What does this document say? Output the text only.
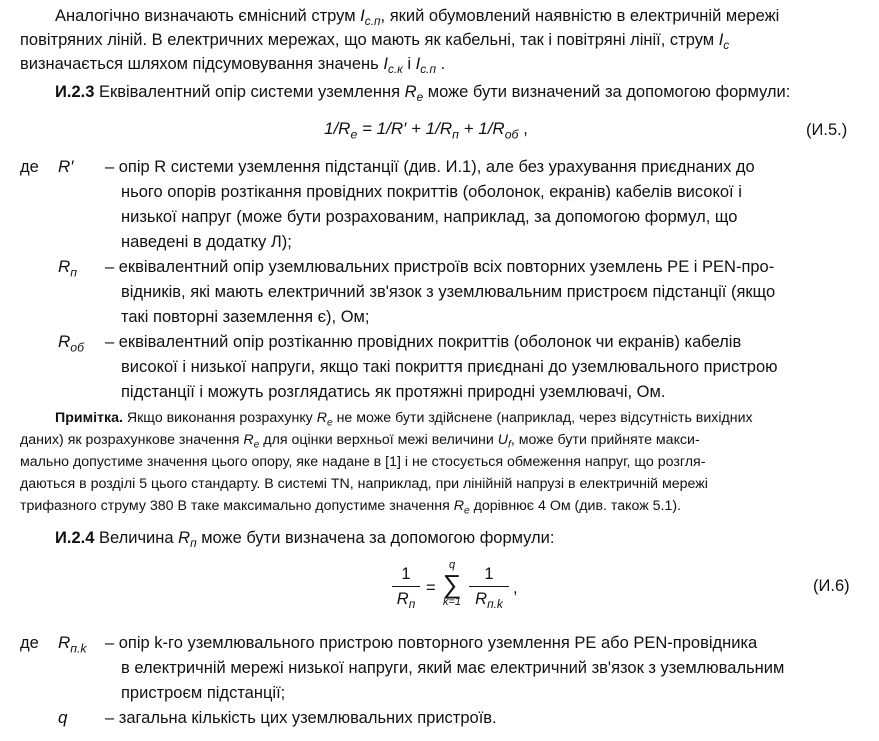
Аналогічно визначають ємнісний струм $I_{с.п}$, який обумовлений наявністю в електричній мережі
повітряних ліній. В електричних мережах, що мають як кабельні, так і повітряні лінії, струм $I_c$
визначається шляхом підсумовування значень $I_{с.к}$ і $I_{с.п}$ .
И.2.3 Еквівалентний опір системи уземлення $R_e$ може бути визначений за допомогою формули:
$1/R_e = 1/R' + 1/R_п + 1/R_{об}$ ,	(И.5.)
де R′ – опір R системи уземлення підстанції (див. И.1), але без урахування приєднаних до
нього опорів розтікання провідних покриттів (оболонок, екранів) кабелів високої і
низької напруг (може бути розрахованим, наприклад, за допомогою формул, що
наведені в додатку Л);
$R_п$ – еквівалентний опір уземлювальних пристроїв всіх повторних уземлень PE і PEN-про-
відників, які мають електричний зв'язок з уземлювальним пристроєм підстанції (якщо
такі повторні заземлення є), Ом;
$R_{об}$ – еквівалентний опір розтіканню провідних покриттів (оболонок чи екранів) кабелів
високої і низької напруги, якщо такі покриття приєднані до уземлювального пристрою
підстанції і можуть розглядатись як протяжні природні уземлювачі, Ом.
Примітка. Якщо виконання розрахунку $R_e$ не може бути здійснене (наприклад, через відсутність вихідних
даних) як розрахункове значення $R_e$ для оцінки верхньої межі величини $U_f$, може бути прийняте макси-
мально допустиме значення цього опору, яке надане в [1] і не стосується обмеження напруг, що розгля-
даються в розділі 5 цього стандарту. В системі TN, наприклад, при лінійній напрузі в електричній мережі
трифазного струму 380 В таке максимально допустиме значення $R_e$ дорівнює 4 Ом (див. також 5.1).
И.2.4 Величина $R_п$ може бути визначена за допомогою формули:
1
$R_п$
=
q
∑
k=1
1
$R_{п.k}$
,	(И.6)
де $R_{п.k}$ – опір k-го уземлювального пристрою повторного уземлення PE або PEN-провідника
в електричній мережі низької напруги, який має електричний зв'язок з уземлювальним
пристроєм підстанції;
q – загальна кількість цих уземлювальних пристроїв.
